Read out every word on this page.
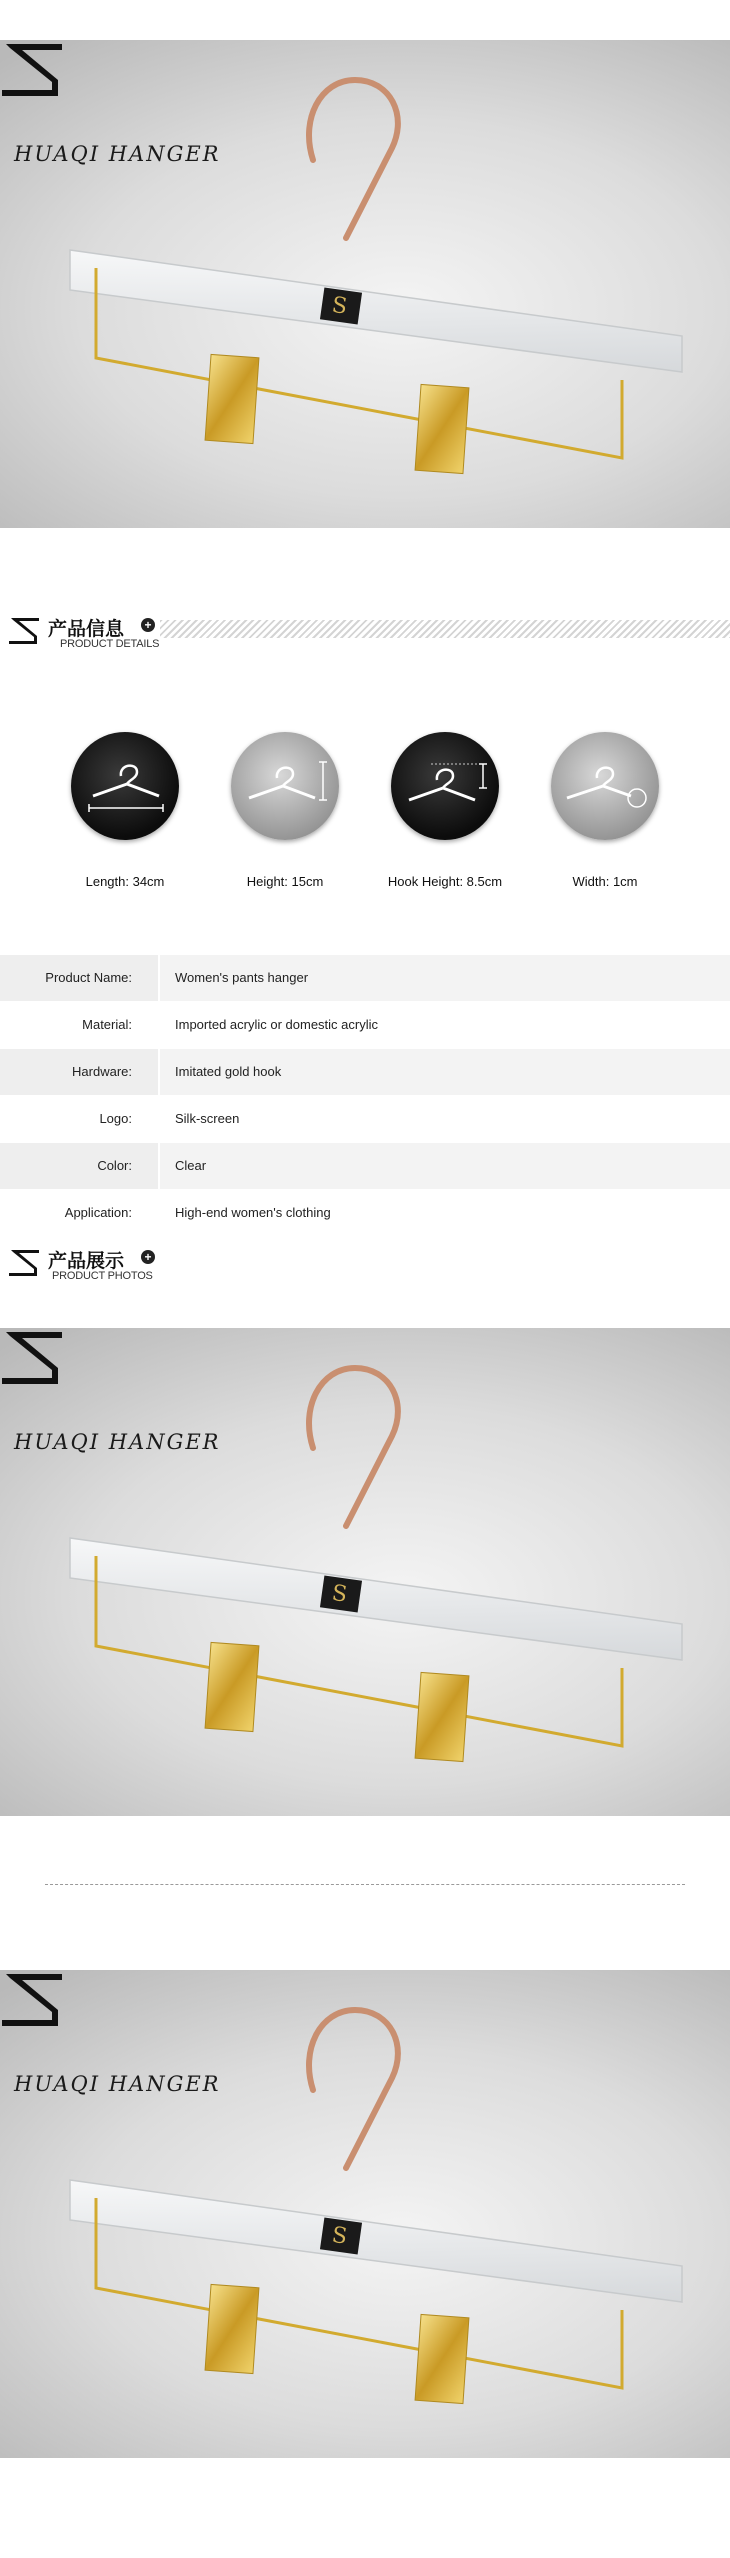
S
HUAQI HANGER
产品信息 +
PRODUCT DETAILS
Length: 34cm	Height: 15cm	Hook Height: 8.5cm	Width: 1cm
Product Name:	Women's pants hanger
Material:	Imported acrylic or domestic acrylic
Hardware:	Imitated gold hook
Logo:	Silk-screen
Color:	Clear
Application:	High-end women's clothing
产品展示 +
PRODUCT PHOTOS
S
HUAQI HANGER
S
HUAQI HANGER
